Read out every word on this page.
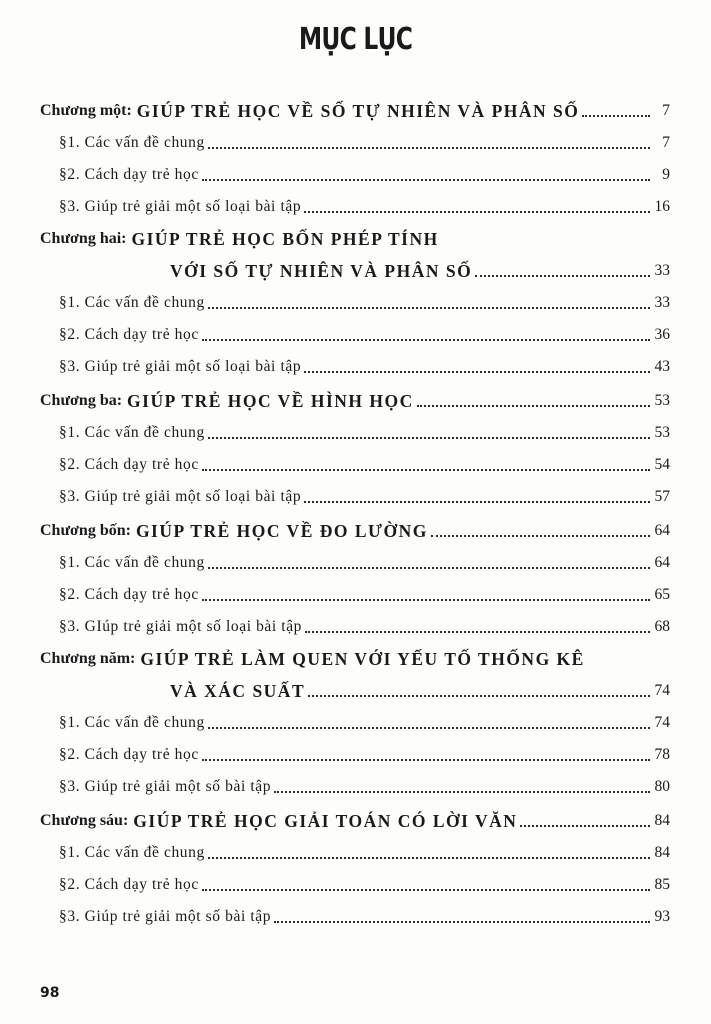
MỤC LỤC
Chương một: GIÚP TRẺ HỌC VỀ SỐ TỰ NHIÊN VÀ PHÂN SỐ	7
§1. Các vấn đề chung	7
§2. Cách dạy trẻ học	9
§3. Giúp trẻ giải một số loại bài tập	16
Chương hai: GIÚP TRẺ HỌC BỐN PHÉP TÍNH
VỚI SỐ TỰ NHIÊN VÀ PHÂN SỐ	33
§1. Các vấn đề chung	33
§2. Cách dạy trẻ học	36
§3. Giúp trẻ giải một số loại bài tập	43
Chương ba: GIÚP TRẺ HỌC VỀ HÌNH HỌC	53
§1. Các vấn đề chung	53
§2. Cách dạy trẻ học	54
§3. Giúp trẻ giải một số loại bài tập	57
Chương bốn: GIÚP TRẺ HỌC VỀ ĐO LƯỜNG	64
§1. Các vấn đề chung	64
§2. Cách dạy trẻ học	65
§3. GIúp trẻ giải một số loại bài tập	68
Chương năm: GIÚP TRẺ LÀM QUEN VỚI YẾU TỐ THỐNG KÊ
VÀ XÁC SUẤT	74
§1. Các vấn đề chung	74
§2. Cách dạy trẻ học	78
§3. Giúp trẻ giải một số bài tập	80
Chương sáu: GIÚP TRẺ HỌC GIẢI TOÁN CÓ LỜI VĂN	84
§1. Các vấn đề chung	84
§2. Cách dạy trẻ học	85
§3. Giúp trẻ giải một số bài tập	93
98
